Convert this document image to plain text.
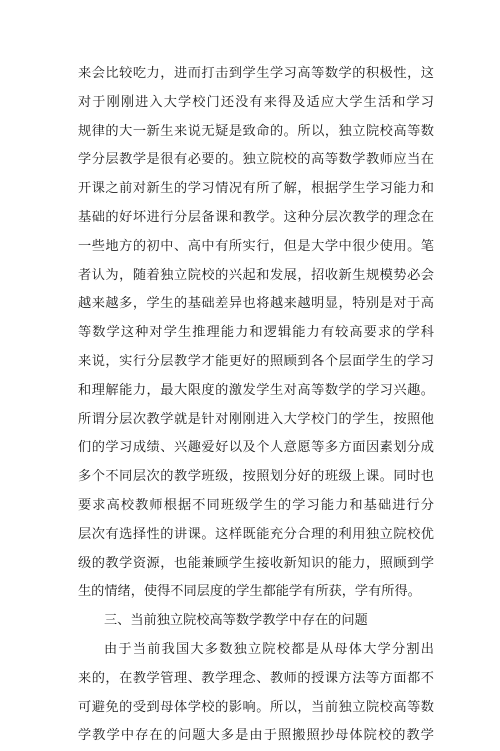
来会比较吃力，进而打击到学生学习高等数学的积极性，这
对于刚刚进入大学校门还没有来得及适应大学生活和学习
规律的大一新生来说无疑是致命的。所以，独立院校高等数
学分层教学是很有必要的。独立院校的高等数学教师应当在
开课之前对新生的学习情况有所了解，根据学生学习能力和
基础的好坏进行分层备课和教学。这种分层次教学的理念在
一些地方的初中、高中有所实行，但是大学中很少使用。笔
者认为，随着独立院校的兴起和发展，招收新生规模势必会
越来越多，学生的基础差异也将越来越明显，特别是对于高
等数学这种对学生推理能力和逻辑能力有较高要求的学科
来说，实行分层教学才能更好的照顾到各个层面学生的学习
和理解能力，最大限度的激发学生对高等数学的学习兴趣。
所谓分层次教学就是针对刚刚进入大学校门的学生，按照他
们的学习成绩、兴趣爱好以及个人意愿等多方面因素划分成
多个不同层次的教学班级，按照划分好的班级上课。同时也
要求高校教师根据不同班级学生的学习能力和基础进行分
层次有选择性的讲课。这样既能充分合理的利用独立院校优
级的教学资源，也能兼顾学生接收新知识的能力，照顾到学
生的情绪，使得不同层度的学生都能学有所获，学有所得。
三、当前独立院校高等数学教学中存在的问题
由于当前我国大多数独立院校都是从母体大学分割出
来的，在教学管理、教学理念、教师的授课方法等方面都不
可避免的受到母体学校的影响。所以，当前独立院校高等数
学教学中存在的问题大多是由于照搬照抄母体院校的教学
